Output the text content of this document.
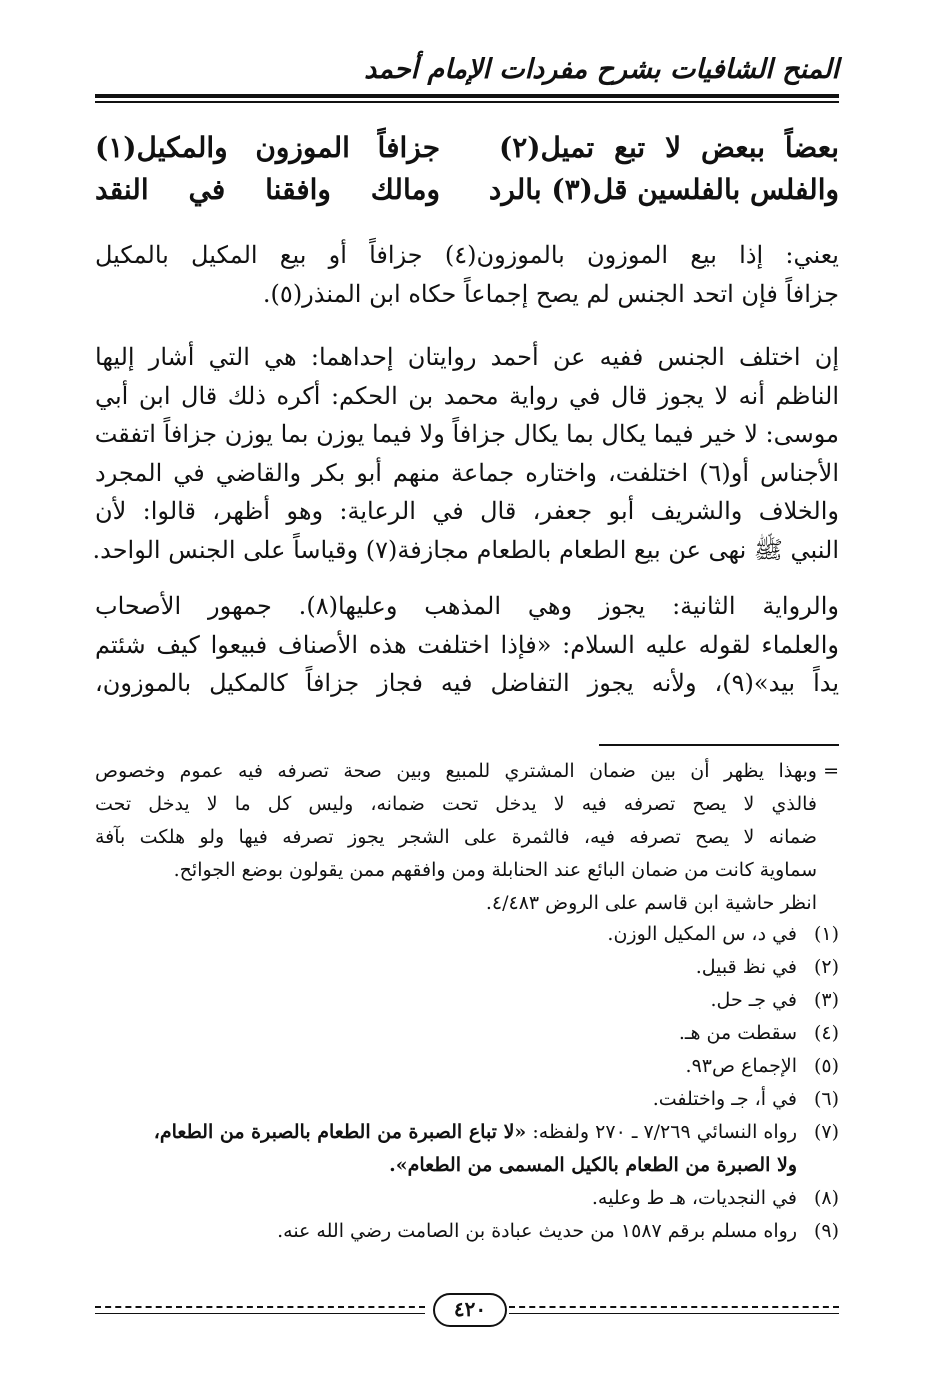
المنح الشافيات بشرح مفردات الإمام أحمد
بعضاً ببعض لا تبع تميل(٢)
جزافاً الموزون والمكيل(١)
والفلس بالفلسين قل(٣) بالرد
ومالك وافقنا في النقد

يعني: إذا بيع الموزون بالموزون(٤) جزافاً أو بيع المكيل بالمكيل

جزافاً فإن اتحد الجنس لم يصح إجماعاً حكاه ابن المنذر(٥).

إن اختلف الجنس ففيه عن أحمد روايتان إحداهما: هي التي أشار إليها

الناظم أنه لا يجوز قال في رواية محمد بن الحكم: أكره ذلك قال ابن أبي

موسى: لا خير فيما يكال بما يكال جزافاً ولا فيما يوزن بما يوزن جزافاً اتفقت

الأجناس أو(٦) اختلفت، واختاره جماعة منهم أبو بكر والقاضي في المجرد

والخلاف والشريف أبو جعفر، قال في الرعاية: وهو أظهر، قالوا: لأن

النبي ﷺ نهى عن بيع الطعام بالطعام مجازفة(٧) وقياساً على الجنس الواحد.

والرواية الثانية: يجوز وهي المذهب وعليها(٨). جمهور الأصحاب

والعلماء لقوله عليه السلام: «فإذا اختلفت هذه الأصناف فبيعوا كيف شئتم

يداً بيد»(٩)، ولأنه يجوز التفاضل فيه فجاز جزافاً كالمكيل بالموزون،

=

وبهذا يظهر أن بين ضمان المشتري للمبيع وبين صحة تصرفه فيه عموم وخصوص

فالذي لا يصح تصرفه فيه لا يدخل تحت ضمانه، وليس كل ما لا يدخل تحت

ضمانه لا يصح تصرفه فيه، فالثمرة على الشجر يجوز تصرفه فيها ولو هلكت بآفة

سماوية كانت من ضمان البائع عند الحنابلة ومن وافقهم ممن يقولون بوضع الجوائح.

انظر حاشية ابن قاسم على الروض ٤/٤٨٣.

(١)
في د، س المكيل الوزن.
(٢)
في نظ قبيل.
(٣)
في جـ حل.
(٤)
سقطت من هـ.
(٥)
الإجماع ص٩٣.
(٦)
في أ، جـ واختلفت.
(٧)
رواه النسائي ٧/٢٦٩ ـ ٢٧٠ ولفظه: «لا تباع الصبرة من الطعام بالصبرة من الطعام،
ولا الصبرة من الطعام بالكيل المسمى من الطعام».
(٨)
في النجديات، هـ ط وعليه.
(٩)
رواه مسلم برقم ١٥٨٧ من حديث عبادة بن الصامت رضي الله عنه.
٤٢٠
